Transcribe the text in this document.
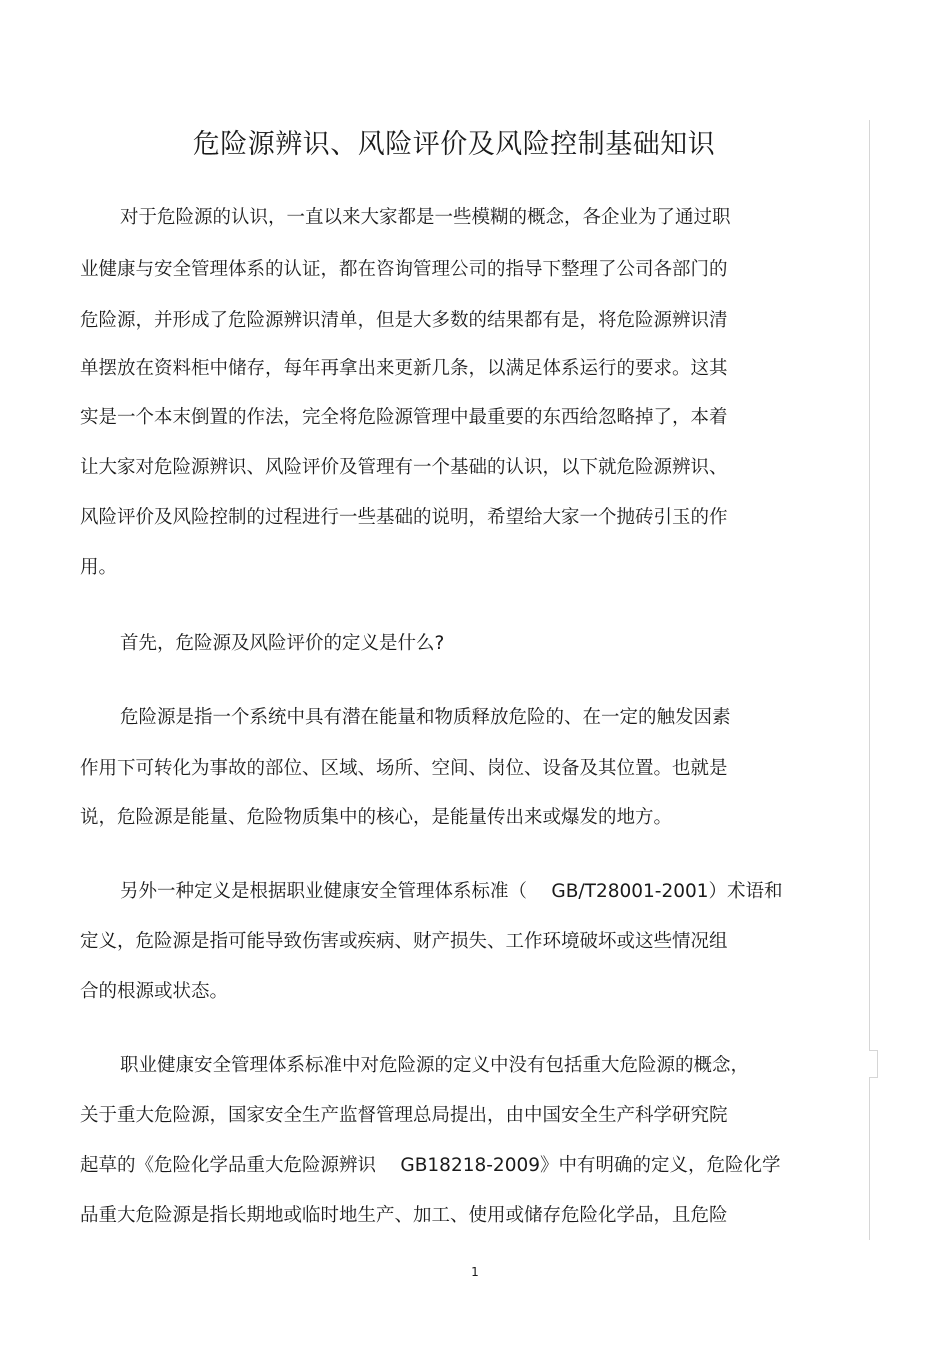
危险源辨识、风险评价及风险控制基础知识
对于危险源的认识，一直以来大家都是一些模糊的概念，各企业为了通过职
业健康与安全管理体系的认证，都在咨询管理公司的指导下整理了公司各部门的
危险源，并形成了危险源辨识清单，但是大多数的结果都有是，将危险源辨识清
单摆放在资料柜中储存，每年再拿出来更新几条，以满足体系运行的要求。这其
实是一个本末倒置的作法，完全将危险源管理中最重要的东西给忽略掉了，本着
让大家对危险源辨识、风险评价及管理有一个基础的认识，以下就危险源辨识、
风险评价及风险控制的过程进行一些基础的说明，希望给大家一个抛砖引玉的作
用。
首先，危险源及风险评价的定义是什么?
危险源是指一个系统中具有潜在能量和物质释放危险的、在一定的触发因素
作用下可转化为事故的部位、区域、场所、空间、岗位、设备及其位置。也就是
说，危险源是能量、危险物质集中的核心，是能量传出来或爆发的地方。
另外一种定义是根据职业健康安全管理体系标准（　 GB/T28001-2001）术语和
定义，危险源是指可能导致伤害或疾病、财产损失、工作环境破坏或这些情况组
合的根源或状态。
职业健康安全管理体系标准中对危险源的定义中没有包括重大危险源的概念，
关于重大危险源，国家安全生产监督管理总局提出，由中国安全生产科学研究院
起草的《危险化学品重大危险源辨识　 GB18218-2009》中有明确的定义，危险化学
品重大危险源是指长期地或临时地生产、加工、使用或储存危险化学品，且危险
1
